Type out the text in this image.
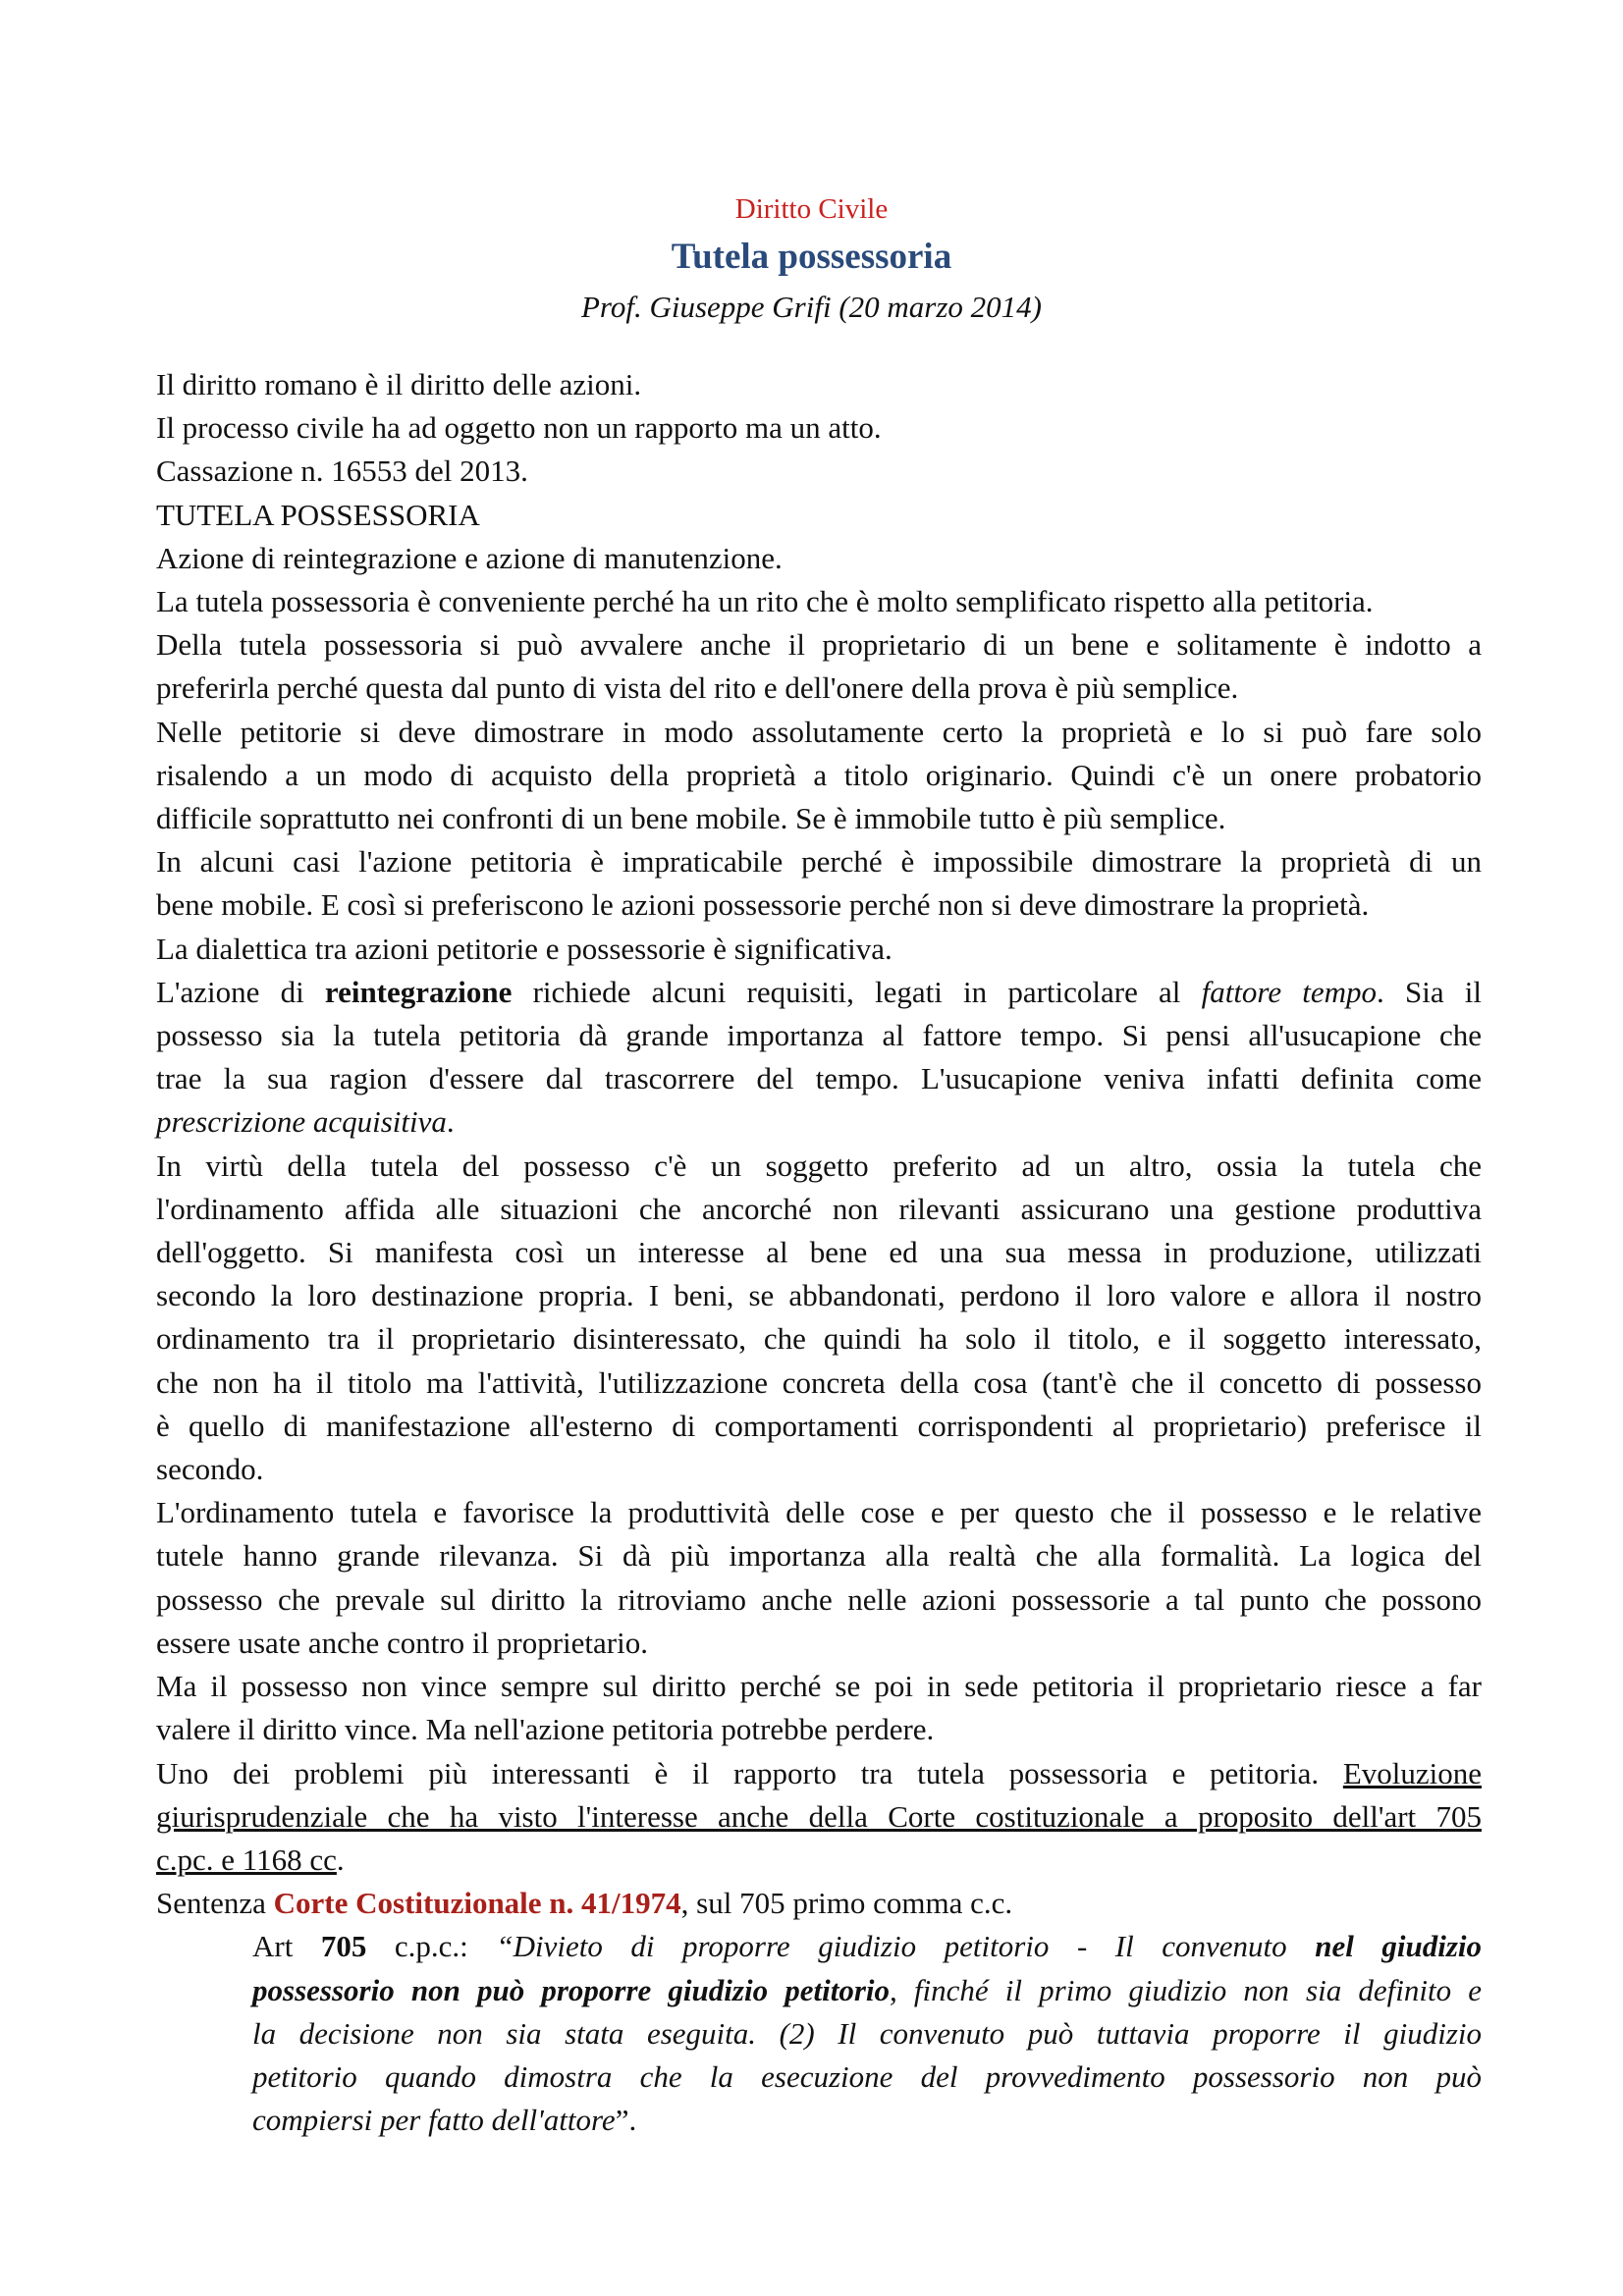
Diritto Civile
Tutela possessoria
Prof. Giuseppe Grifi (20 marzo 2014)

Il diritto romano è il diritto delle azioni.

Il processo civile ha ad oggetto non un rapporto ma un atto.

Cassazione n. 16553 del 2013.

TUTELA POSSESSORIA

Azione di reintegrazione e azione di manutenzione.

La tutela possessoria è conveniente perché ha un rito che è molto semplificato rispetto alla petitoria.

Della tutela possessoria si può avvalere anche il proprietario di un bene e solitamente è indotto a

preferirla perché questa dal punto di vista del rito e dell'onere della prova è più semplice.

Nelle petitorie si deve dimostrare in modo assolutamente certo la proprietà e lo si può fare solo

risalendo a un modo di acquisto della proprietà a titolo originario. Quindi c'è un onere probatorio

difficile soprattutto nei confronti di un bene mobile. Se è immobile tutto è più semplice.

In alcuni casi l'azione petitoria è impraticabile perché è impossibile dimostrare la proprietà di un

bene mobile. E così si preferiscono le azioni possessorie perché non si deve dimostrare la proprietà.

La dialettica tra azioni petitorie e possessorie è significativa.

L'azione di reintegrazione richiede alcuni requisiti, legati in particolare al fattore tempo. Sia il

possesso sia la tutela petitoria dà grande importanza al fattore tempo. Si pensi all'usucapione che

trae la sua ragion d'essere dal trascorrere del tempo. L'usucapione veniva infatti definita come

prescrizione acquisitiva.

In virtù della tutela del possesso c'è un soggetto preferito ad un altro, ossia la tutela che

l'ordinamento affida alle situazioni che ancorché non rilevanti assicurano una gestione produttiva

dell'oggetto. Si manifesta così un interesse al bene ed una sua messa in produzione, utilizzati

secondo la loro destinazione propria. I beni, se abbandonati, perdono il loro valore e allora il nostro

ordinamento tra il proprietario disinteressato, che quindi ha solo il titolo, e il soggetto interessato,

che non ha il titolo ma l'attività, l'utilizzazione concreta della cosa (tant'è che il concetto di possesso

è quello di manifestazione all'esterno di comportamenti corrispondenti al proprietario) preferisce il

secondo.

L'ordinamento tutela e favorisce la produttività delle cose e per questo che il possesso e le relative

tutele hanno grande rilevanza. Si dà più importanza alla realtà che alla formalità. La logica del

possesso che prevale sul diritto la ritroviamo anche nelle azioni possessorie a tal punto che possono

essere usate anche contro il proprietario.

Ma il possesso non vince sempre sul diritto perché se poi in sede petitoria il proprietario riesce a far

valere il diritto vince. Ma nell'azione petitoria potrebbe perdere.

Uno dei problemi più interessanti è il rapporto tra tutela possessoria e petitoria. Evoluzione

giurisprudenziale che ha visto l'interesse anche della Corte costituzionale a proposito dell'art 705

c.pc. e 1168 cc.

Sentenza Corte Costituzionale n. 41/1974, sul 705 primo comma c.c.

Art 705 c.p.c.: “Divieto di proporre giudizio petitorio - Il convenuto nel giudizio

possessorio non può proporre giudizio petitorio, finché il primo giudizio non sia definito e

la decisione non sia stata eseguita. (2) Il convenuto può tuttavia proporre il giudizio

petitorio quando dimostra che la esecuzione del provvedimento possessorio non può

compiersi per fatto dell'attore”.
